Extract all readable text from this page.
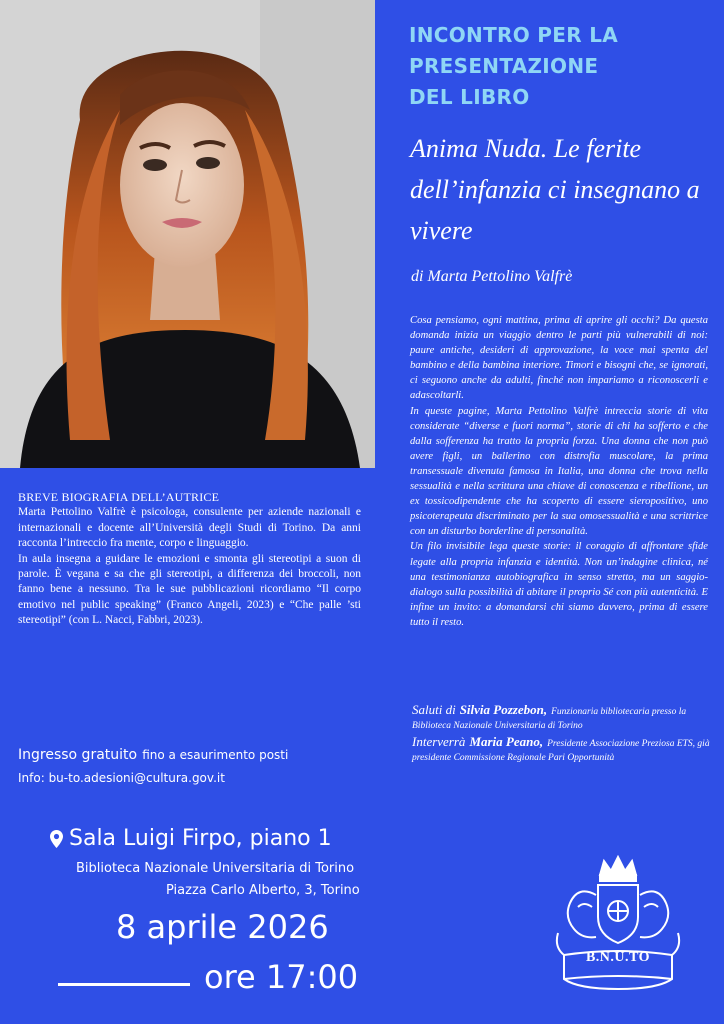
INCONTRO PER LA
PRESENTAZIONE
DEL LIBRO
Anima Nuda. Le ferite dell’infanzia ci insegnano a vivere
di Marta Pettolino Valfrè

Cosa pensiamo, ogni mattina, prima di aprire gli occhi? Da questa domanda inizia un viaggio dentro le parti più vulnerabili di noi: paure antiche, desideri di approvazione, la voce mai spenta del bambino e della bambina interiore. Timori e bisogni che, se ignorati, ci seguono anche da adulti, finché non impariamo a riconoscerli e adascoltarli.

In queste pagine, Marta Pettolino Valfrè intreccia storie di vita considerate “diverse e fuori norma”, storie di chi ha sofferto e che dalla sofferenza ha tratto la propria forza. Una donna che non può avere figli, un ballerino con distrofia muscolare, la prima transessuale divenuta famosa in Italia, una donna che trova nella sessualità e nella scrittura una chiave di conoscenza e ribellione, un ex tossicodipendente che ha scoperto di essere sieropositivo, uno psicoterapeuta discriminato per la sua omosessualità e una scrittrice con un disturbo borderline di personalità.

Un filo invisibile lega queste storie: il coraggio di affrontare sfide legate alla propria infanzia e identità. Non un’indagine clinica, né una testimonianza autobiografica in senso stretto, ma un saggio-dialogo sulla possibilità di abitare il proprio Sé con più autenticità. E infine un invito: a domandarsi chi siamo davvero, prima di essere tutto il resto.

Saluti di Silvia Pozzebon, Funzionaria bibliotecaria presso la Biblioteca Nazionale Universitaria di Torino

Interverrà Maria Peano, Presidente Associazione Preziosa ETS, già presidente Commissione Regionale Pari Opportunità

BREVE BIOGRAFIA DELL’AUTRICE

Marta Pettolino Valfrè è psicologa, consulente per aziende nazionali e internazionali e docente all’Università degli Studi di Torino. Da anni racconta l’intreccio fra mente, corpo e linguaggio.

In aula insegna a guidare le emozioni e smonta gli stereotipi a suon di parole. È vegana e sa che gli stereotipi, a differenza dei broccoli, non fanno bene a nessuno. Tra le sue pubblicazioni ricordiamo “Il corpo emotivo nel public speaking” (Franco Angeli, 2023) e “Che palle ’sti stereotipi” (con L. Nacci, Fabbri, 2023).

Ingresso gratuito fino a esaurimento posti
Info: bu-to.adesioni@cultura.gov.it
Sala Luigi Firpo, piano 1
Biblioteca Nazionale Universitaria di Torino
Piazza Carlo Alberto, 3, Torino
8 aprile 2026
ore 17:00
B.N.U.TO
